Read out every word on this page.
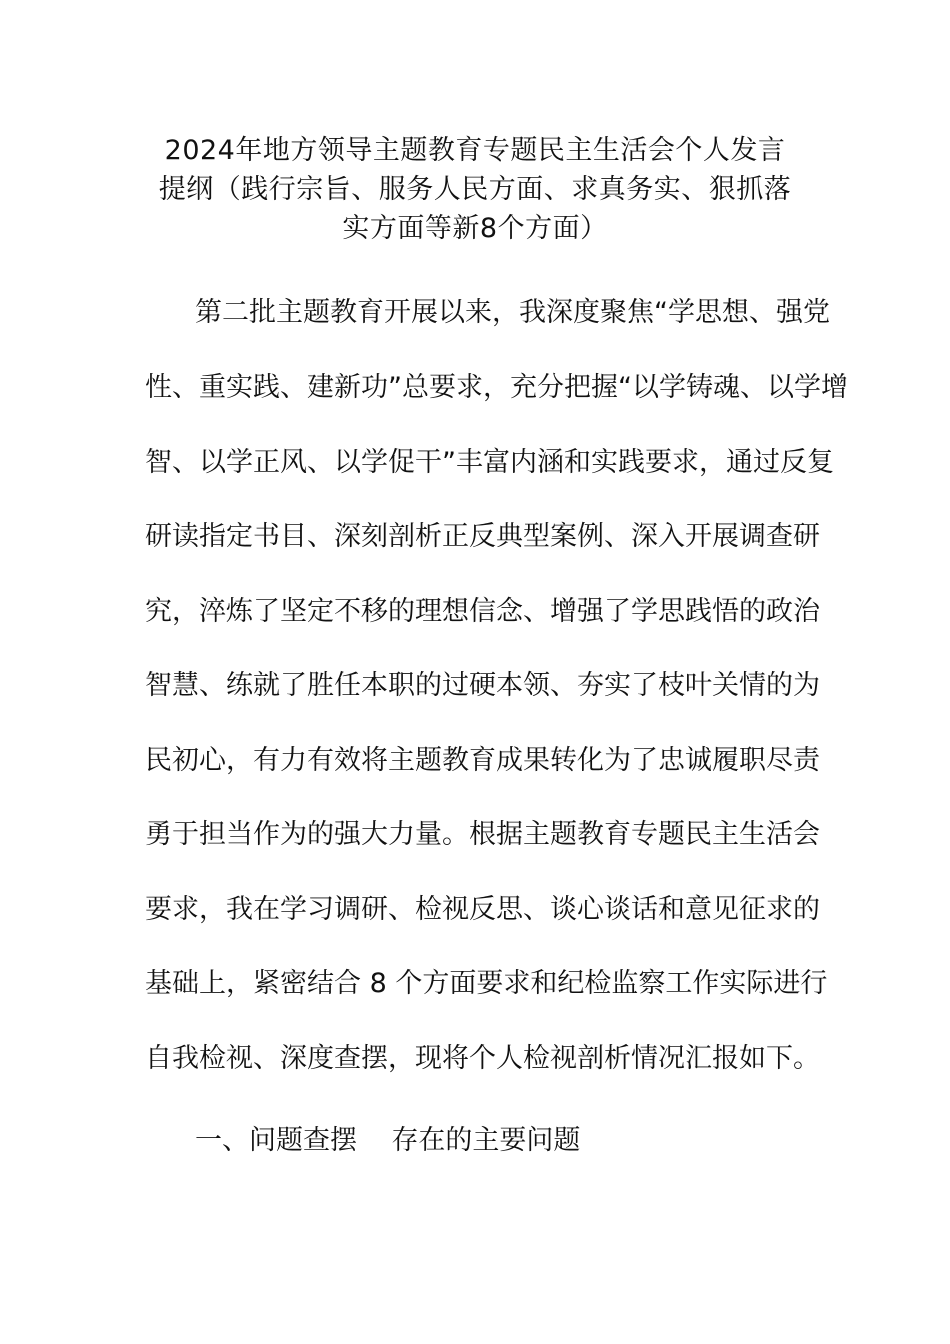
2024年地方领导主题教育专题民主生活会个人发言
提纲（践行宗旨、服务人民方面、求真务实、狠抓落
实方面等新8个方面）

第二批主题教育开展以来，我深度聚焦“学思想、强党

性、重实践、建新功”总要求，充分把握“以学铸魂、以学增

智、以学正风、以学促干”丰富内涵和实践要求，通过反复

研读指定书目、深刻剖析正反典型案例、深入开展调查研

究，淬炼了坚定不移的理想信念、增强了学思践悟的政治

智慧、练就了胜任本职的过硬本领、夯实了枝叶关情的为

民初心，有力有效将主题教育成果转化为了忠诚履职尽责

勇于担当作为的强大力量。根据主题教育专题民主生活会

要求，我在学习调研、检视反思、谈心谈话和意见征求的

基础上，紧密结合 8 个方面要求和纪检监察工作实际进行

自我检视、深度查摆，现将个人检视剖析情况汇报如下。

一、问题查摆    存在的主要问题
